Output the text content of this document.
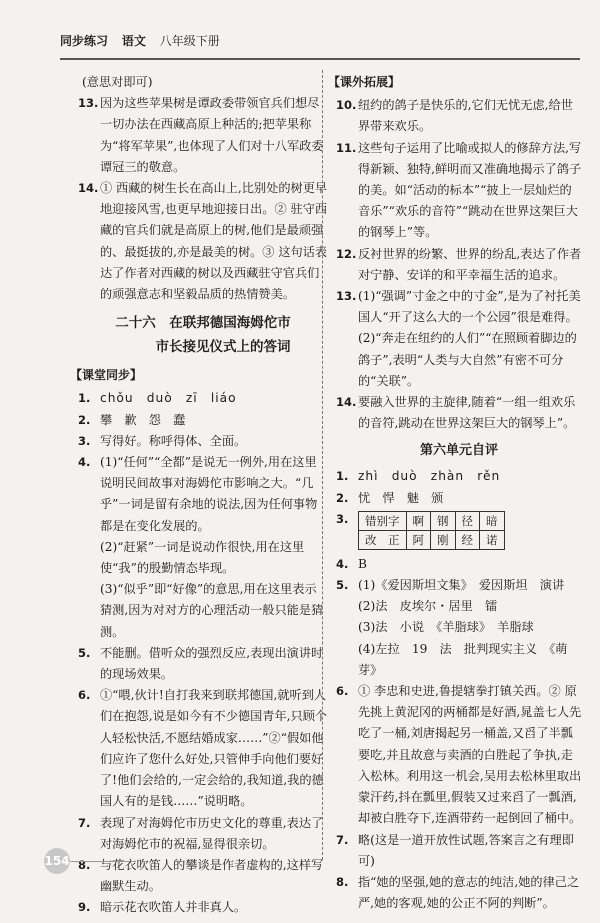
同步练习 语文 八年级下册

(意思对即可)

13. 因为这些苹果树是谭政委带领官兵们想尽一切办法在西藏高原上种活的;把苹果称为“将军苹果”,也体现了人们对十八军政委谭冠三的敬意。
14. ① 西藏的树生长在高山上,比别处的树更早地迎接风雪,也更早地迎接日出。② 驻守西藏的官兵们就是高原上的树,他们是最顽强的、最挺拔的,亦是最美的树。③ 这句话表达了作者对西藏的树以及西藏驻守官兵们的顽强意志和坚毅品质的热情赞美。
二十六　在联邦德国海姆佗市
市长接见仪式上的答词
【课堂同步】
1. chǒu　duò　zī　liáo
2. 攀　歉　怨　蠢
3. 写得好。称呼得体、全面。
4. (1)“任何”“全都”是说无一例外,用在这里说明民间故事对海姆佗市影响之大。“几乎”一词是留有余地的说法,因为任何事物都是在变化发展的。

(2)“赶紧”一词是说动作很快,用在这里使“我”的殷勤情态毕现。

(3)“似乎”即“好像”的意思,用在这里表示猜测,因为对对方的心理活动一般只能是猜测。

5. 不能删。借听众的强烈反应,表现出演讲时的现场效果。
6. ①“喂,伙计!自打我来到联邦德国,就听到人们在抱怨,说是如今有不少德国青年,只顾个人轻松快活,不愿结婚成家……”②“假如他们应许了您什么好处,只管伸手向他们要好了!他们会给的,一定会给的,我知道,我的德国人有的是钱……”说明略。
7. 表现了对海姆佗市历史文化的尊重,表达了对海姆佗市的祝福,显得很亲切。
8. 与花衣吹笛人的攀谈是作者虚构的,这样写幽默生动。
9. 暗示花衣吹笛人并非真人。
【课外拓展】
10. 纽约的鸽子是快乐的,它们无忧无虑,给世界带来欢乐。
11. 这些句子运用了比喻或拟人的修辞方法,写得新颖、独特,鲜明而又准确地揭示了鸽子的美。如“活动的标本”“披上一层灿烂的音乐”“欢乐的音符”“跳动在世界这架巨大的钢琴上”等。
12. 反衬世界的纷繁、世界的纷乱,表达了作者对宁静、安详的和平幸福生活的追求。
13. (1)“强调”寸金之中的寸金”,是为了衬托美国人“开了这么大的一个公园”很是难得。

(2)“奔走在纽约的人们”“在照顾着脚边的鸽子”,表明“人类与大自然”有密不可分的“关联”。

14. 要融入世界的主旋律,随着“一组一组欢乐的音符,跳动在世界这架巨大的钢琴上”。
第六单元自评
1. zhì　duò　zhàn　rěn
2. 忧　悍　魅　颁
3. 错别字	啊	钢	径	暗
改　正	阿	刚	经	诺
4. B
5. (1)《爱因斯坦文集》　爱因斯坦　演讲

(2)法　皮埃尔・居里　镭

(3)法　小说　《羊脂球》　羊脂球

(4)左拉　19　法　批判现实主义　《萌芽》

6. ① 李忠和史进,鲁提辖拳打镇关西。② 原先挑上黄泥冈的两桶都是好酒,晁盖七人先吃了一桶,刘唐揭起另一桶盖,又舀了半瓢要吃,并且故意与卖酒的白胜起了争执,走入松林。利用这一机会,吴用去松林里取出蒙汗药,抖在瓢里,假装又过来舀了一瓢酒,却被白胜夺下,连酒带药一起倒回了桶中。
7. 略(这是一道开放性试题,答案言之有理即可)
8. 指“她的坚强,她的意志的纯洁,她的律己之严,她的客观,她的公正不阿的判断”。
154
